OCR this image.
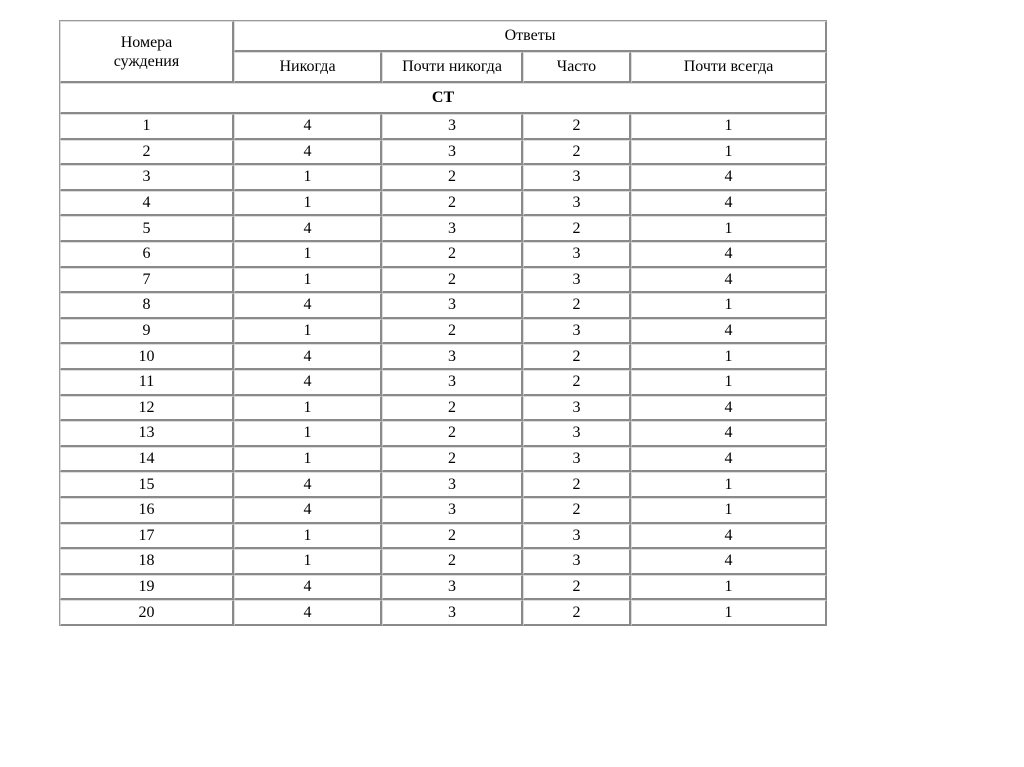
Номера
суждения	Ответы			
	Никогда	Почти никогда	Часто	Почти всегда
СТ				
1	4	3	2	1
2	4	3	2	1
3	1	2	3	4
4	1	2	3	4
5	4	3	2	1
6	1	2	3	4
7	1	2	3	4
8	4	3	2	1
9	1	2	3	4
10	4	3	2	1
11	4	3	2	1
12	1	2	3	4
13	1	2	3	4
14	1	2	3	4
15	4	3	2	1
16	4	3	2	1
17	1	2	3	4
18	1	2	3	4
19	4	3	2	1
20	4	3	2	1
